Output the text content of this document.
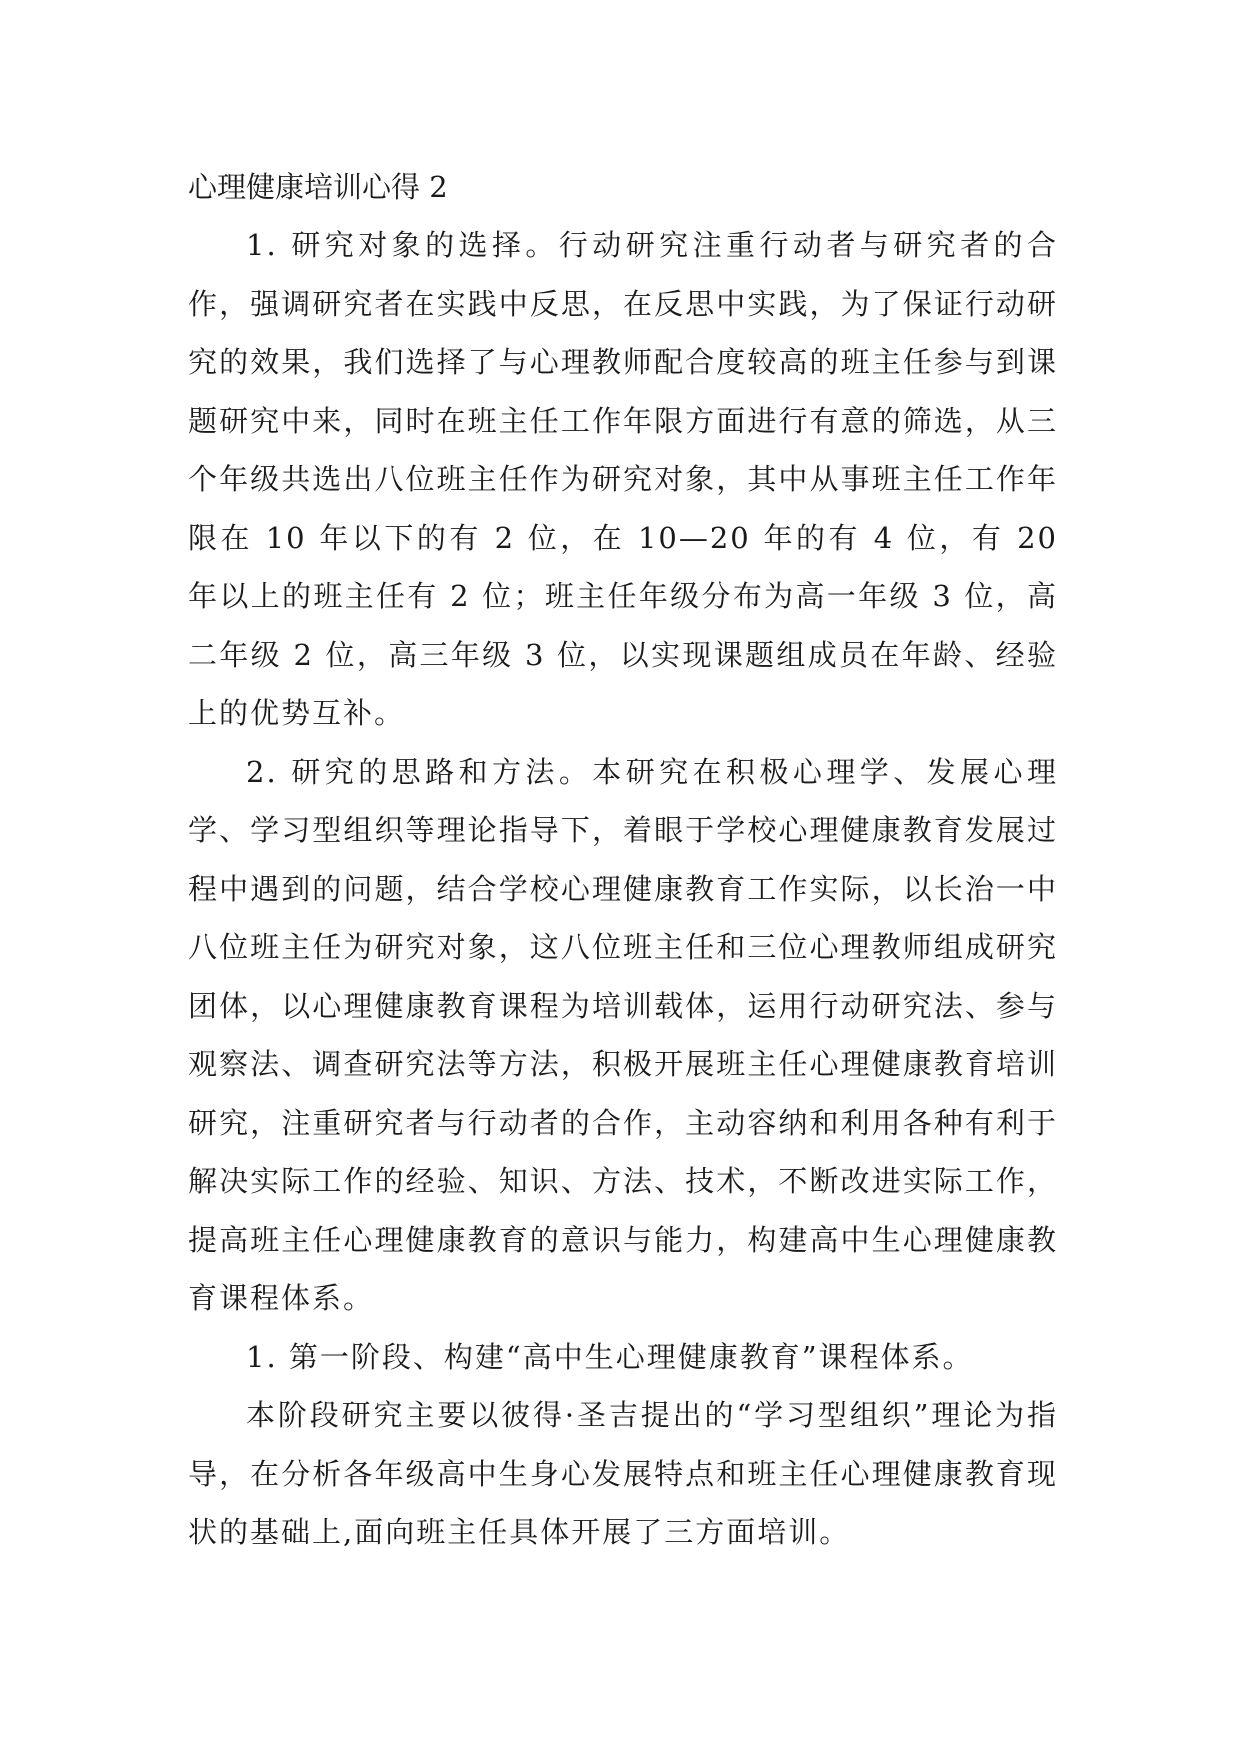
心理健康培训心得 2

1. 研究对象的选择。行动研究注重行动者与研究者的合作，强调研究者在实践中反思，在反思中实践，为了保证行动研究的效果，我们选择了与心理教师配合度较高的班主任参与到课题研究中来，同时在班主任工作年限方面进行有意的筛选，从三个年级共选出八位班主任作为研究对象，其中从事班主任工作年限在 10 年以下的有 2 位，在 10—20 年的有 4 位，有 20 年以上的班主任有 2 位；班主任年级分布为高一年级 3 位，高二年级 2 位，高三年级 3 位，以实现课题组成员在年龄、经验上的优势互补。

2. 研究的思路和方法。本研究在积极心理学、发展心理学、学习型组织等理论指导下，着眼于学校心理健康教育发展过程中遇到的问题，结合学校心理健康教育工作实际，以长治一中八位班主任为研究对象，这八位班主任和三位心理教师组成研究团体，以心理健康教育课程为培训载体，运用行动研究法、参与观察法、调查研究法等方法，积极开展班主任心理健康教育培训研究，注重研究者与行动者的合作，主动容纳和利用各种有利于解决实际工作的经验、知识、方法、技术，不断改进实际工作，提高班主任心理健康教育的意识与能力，构建高中生心理健康教育课程体系。

1. 第一阶段、构建“高中生心理健康教育”课程体系。

本阶段研究主要以彼得·圣吉提出的“学习型组织”理论为指导，在分析各年级高中生身心发展特点和班主任心理健康教育现状的基础上,面向班主任具体开展了三方面培训。
